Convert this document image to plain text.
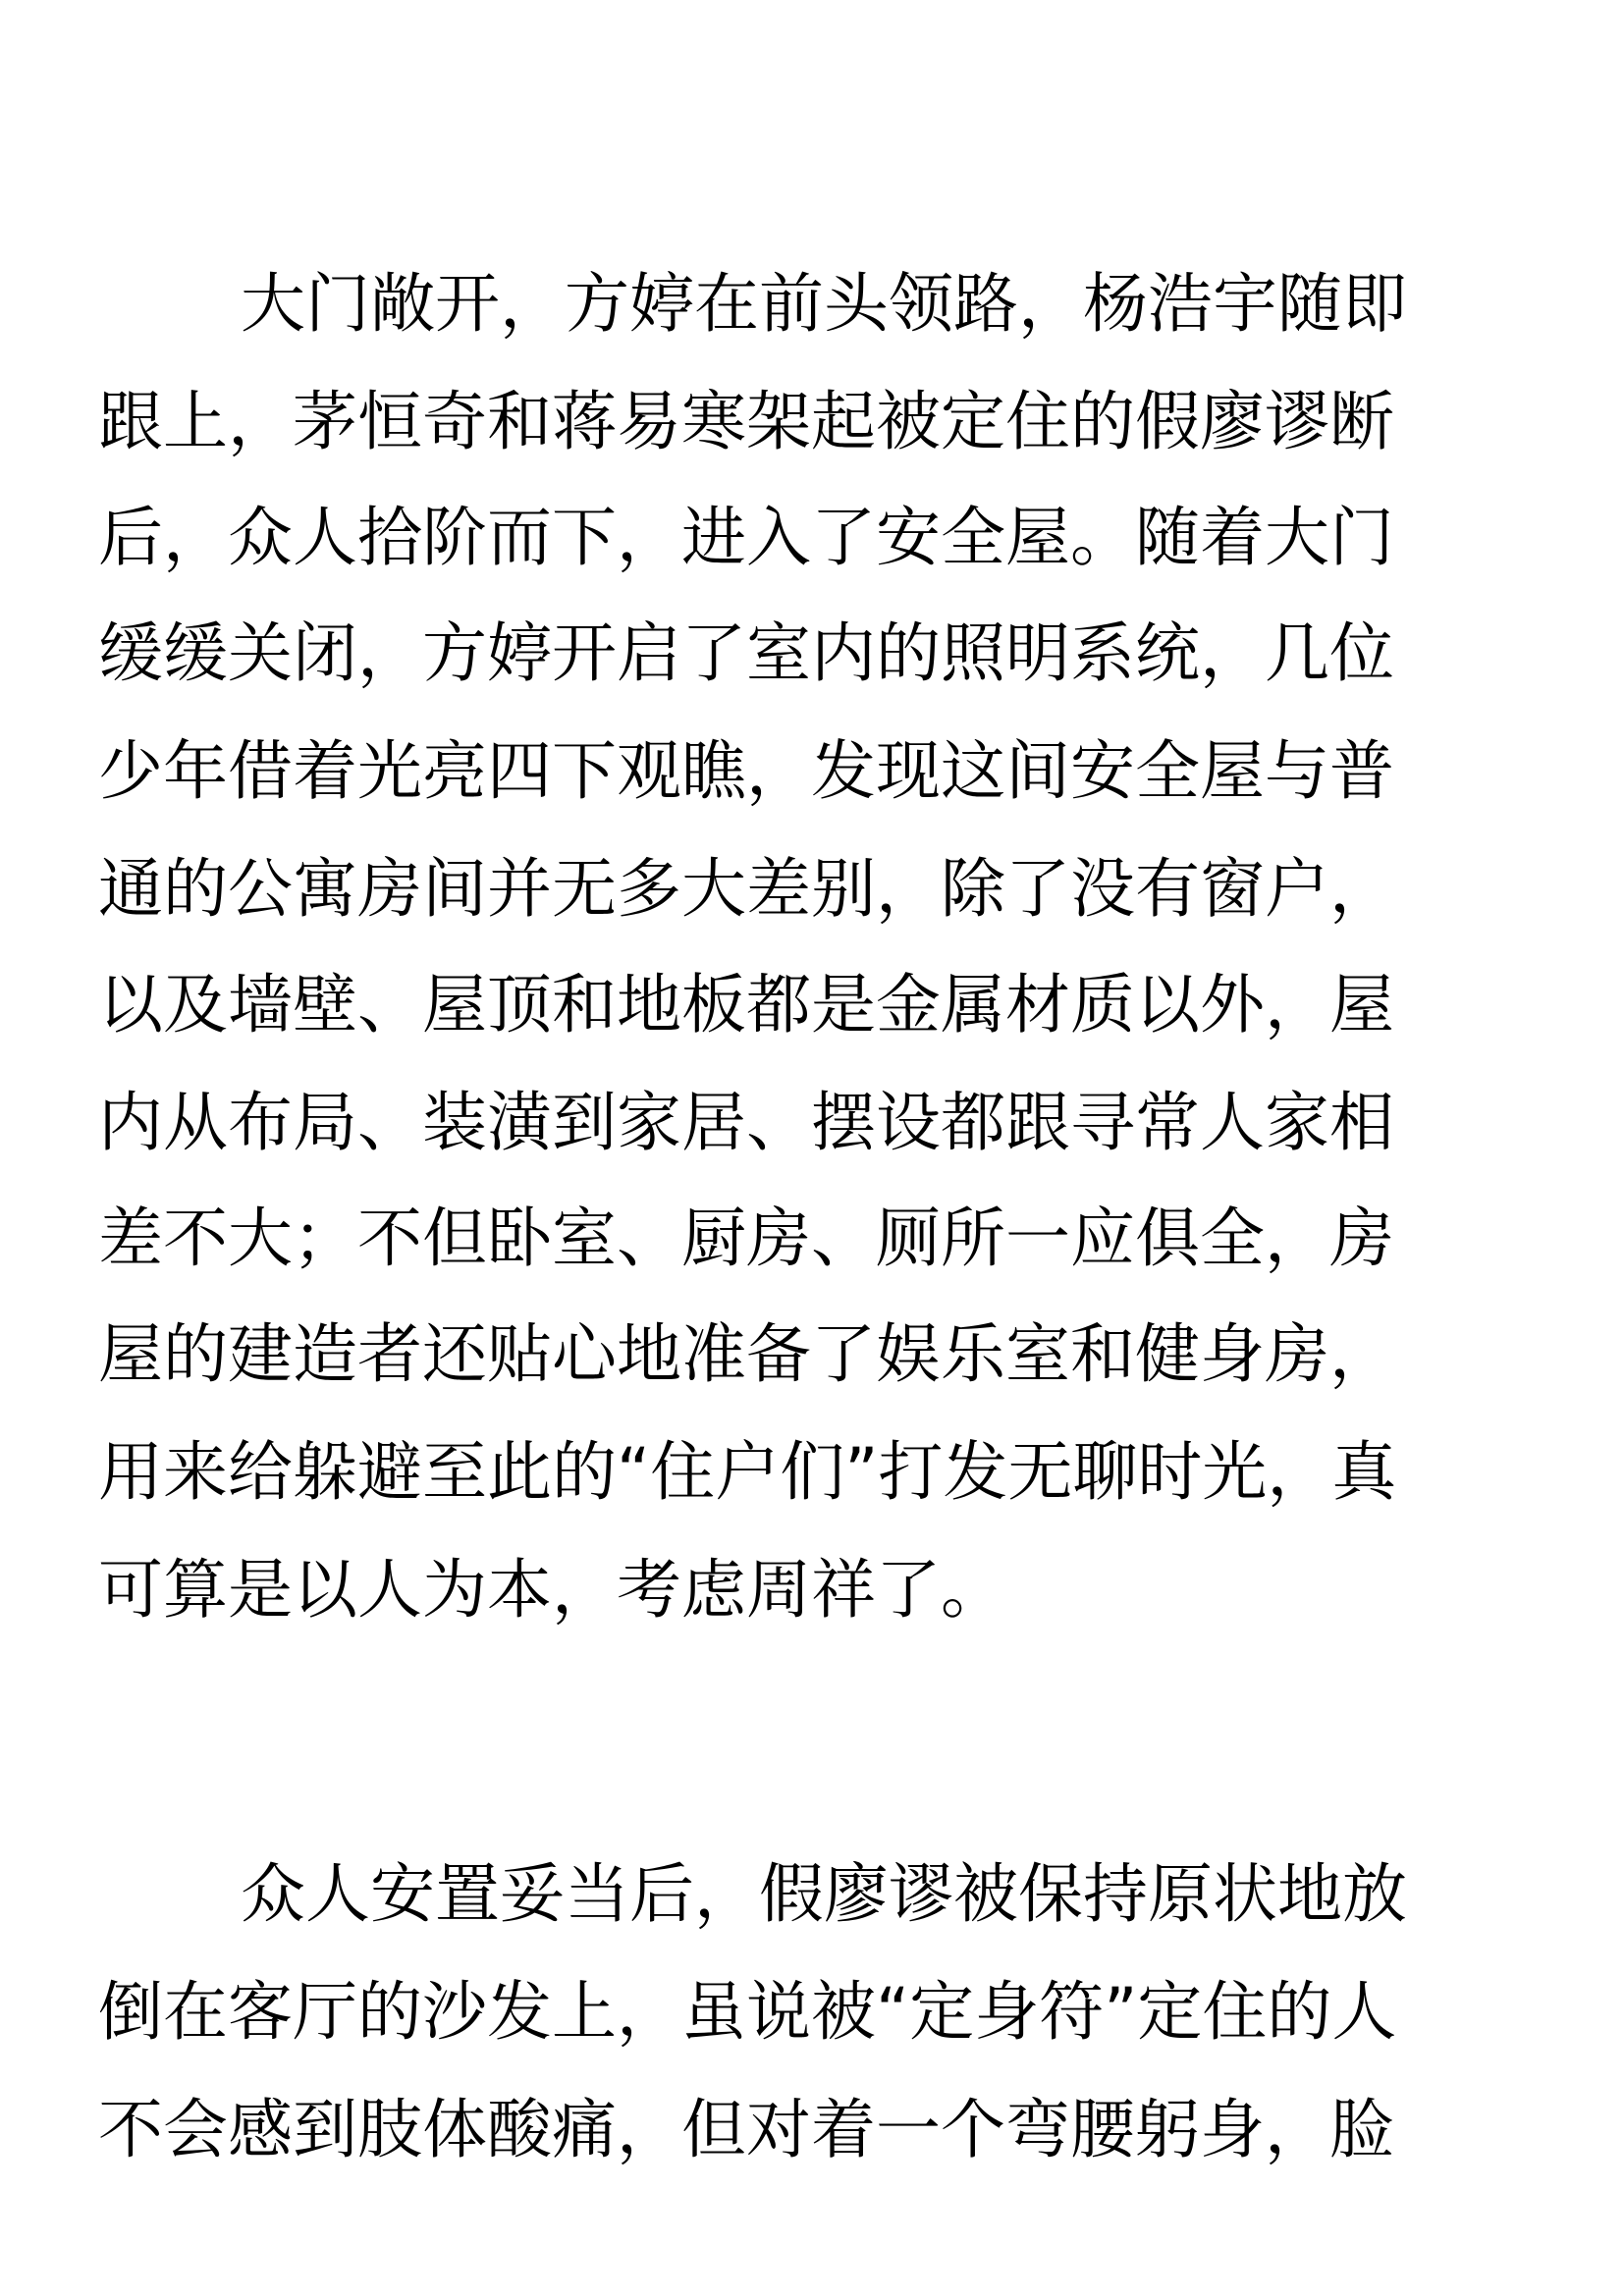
大门敞开，方婷在前头领路，杨浩宇随即
跟上，茅恒奇和蒋易寒架起被定住的假廖谬断
后，众人拾阶而下，进入了安全屋。随着大门
缓缓关闭，方婷开启了室内的照明系统，几位
少年借着光亮四下观瞧，发现这间安全屋与普
通的公寓房间并无多大差别，除了没有窗户，
以及墙壁、屋顶和地板都是金属材质以外，屋
内从布局、装潢到家居、摆设都跟寻常人家相
差不大；不但卧室、厨房、厕所一应俱全，房
屋的建造者还贴心地准备了娱乐室和健身房，
用来给躲避至此的“住户们”打发无聊时光，真
可算是以人为本，考虑周祥了。
众人安置妥当后，假廖谬被保持原状地放
倒在客厅的沙发上，虽说被“定身符”定住的人
不会感到肢体酸痛，但对着一个弯腰躬身，脸
